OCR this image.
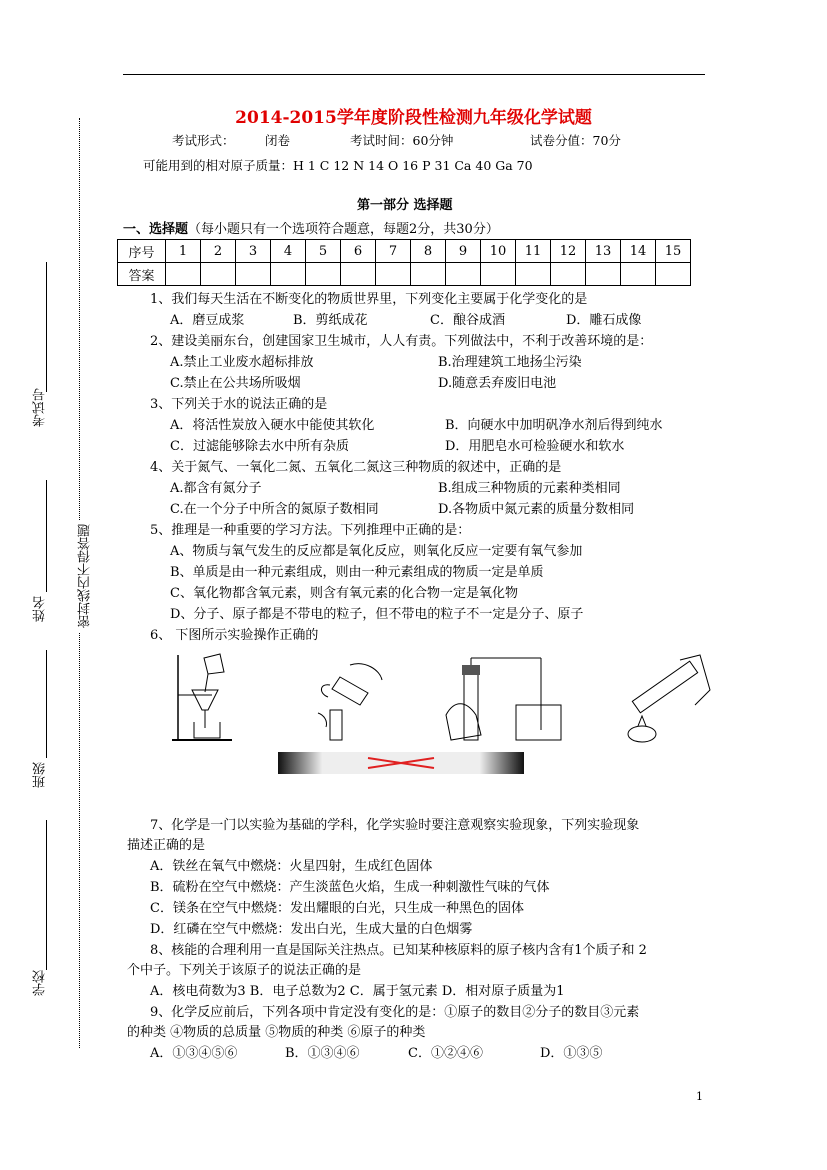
2014-2015学年度阶段性检测九年级化学试题
考试形式： 闭卷	考试时间：60分钟	试卷分值：70分
可能用到的相对原子质量：H 1 C 12 N 14 O 16 P 31 Ca 40 Ga 70
密封线内不得答题
考试号
姓名
班级
学校
第一部分 选择题
一、选择题（每小题只有一个选项符合题意，每题2分，共30分）
序号	1	2	3	4	5	6	7	8	9	10	11	12	13	14	15
答案															
1、我们每天生活在不断变化的物质世界里，下列变化主要属于化学变化的是
A．磨豆成浆	B．剪纸成花	C．酿谷成酒	D．雕石成像
2、建设美丽东台，创建国家卫生城市，人人有责。下列做法中，不利于改善环境的是：
A.禁止工业废水超标排放	B.治理建筑工地扬尘污染
C.禁止在公共场所吸烟	D.随意丢弃废旧电池
3、下列关于水的说法正确的是
A．将活性炭放入硬水中能使其软化	B．向硬水中加明矾净水剂后得到纯水
C．过滤能够除去水中所有杂质	D．用肥皂水可检验硬水和软水
4、关于氮气、一氧化二氮、五氧化二氮这三种物质的叙述中，正确的是
A.都含有氮分子	B.组成三种物质的元素种类相同
C.在一个分子中所含的氮原子数相同	D.各物质中氮元素的质量分数相同
5、推理是一种重要的学习方法。下列推理中正确的是：
A、物质与氧气发生的反应都是氧化反应，则氧化反应一定要有氧气参加
B、单质是由一种元素组成，则由一种元素组成的物质一定是单质
C、氧化物都含氧元素，则含有氧元素的化合物一定是氧化物
D、分子、原子都是不带电的粒子，但不带电的粒子不一定是分子、原子
6、 下图所示实验操作正确的
7、化学是一门以实验为基础的学科，化学实验时要注意观察实验现象，下列实验现象
描述正确的是
A．铁丝在氧气中燃烧：火星四射，生成红色固体
B．硫粉在空气中燃烧：产生淡蓝色火焰，生成一种刺激性气味的气体
C．镁条在空气中燃烧：发出耀眼的白光，只生成一种黑色的固体
D．红磷在空气中燃烧：发出白光，生成大量的白色烟雾
8、核能的合理利用一直是国际关注热点。已知某种核原料的原子核内含有1个质子和 2
个中子。下列关于该原子的说法正确的是
A．核电荷数为3 B．电子总数为2 C．属于氢元素 D．相对原子质量为1
9、化学反应前后，下列各项中肯定没有变化的是：①原子的数目②分子的数目③元素
的种类 ④物质的总质量 ⑤物质的种类 ⑥原子的种类
A．①③④⑤⑥	B．①③④⑥	C．①②④⑥	D．①③⑤
1
